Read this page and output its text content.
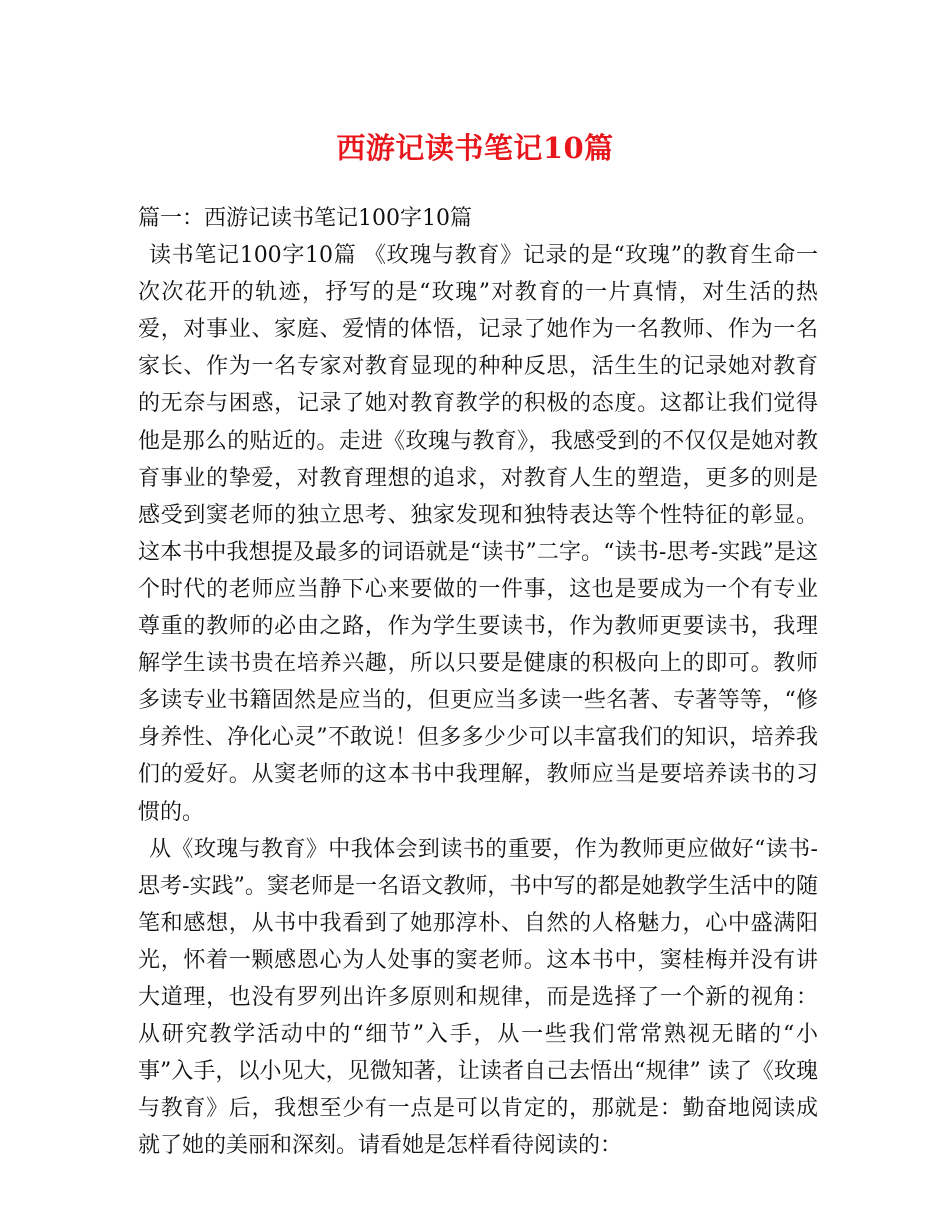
西游记读书笔记10篇

篇一：西游记读书笔记100字10篇

读书笔记100字10篇 《玫瑰与教育》记录的是“玫瑰”的教育生命一次次花开的轨迹，抒写的是“玫瑰”对教育的一片真情，对生活的热爱，对事业、家庭、爱情的体悟，记录了她作为一名教师、作为一名家长、作为一名专家对教育显现的种种反思，活生生的记录她对教育的无奈与困惑，记录了她对教育教学的积极的态度。这都让我们觉得他是那么的贴近的。走进《玫瑰与教育》，我感受到的不仅仅是她对教育事业的挚爱，对教育理想的追求，对教育人生的塑造，更多的则是感受到窦老师的独立思考、独家发现和独特表达等个性特征的彰显。这本书中我想提及最多的词语就是“读书”二字。“读书-思考-实践”是这个时代的老师应当静下心来要做的一件事，这也是要成为一个有专业尊重的教师的必由之路，作为学生要读书，作为教师更要读书，我理解学生读书贵在培养兴趣，所以只要是健康的积极向上的即可。教师多读专业书籍固然是应当的，但更应当多读一些名著、专著等等，“修身养性、净化心灵”不敢说！但多多少少可以丰富我们的知识，培养我们的爱好。从窦老师的这本书中我理解，教师应当是要培养读书的习惯的。

从《玫瑰与教育》中我体会到读书的重要，作为教师更应做好“读书-思考-实践”。窦老师是一名语文教师，书中写的都是她教学生活中的随笔和感想，从书中我看到了她那淳朴、自然的人格魅力，心中盛满阳光，怀着一颗感恩心为人处事的窦老师。这本书中，窦桂梅并没有讲大道理，也没有罗列出许多原则和规律，而是选择了一个新的视角：从研究教学活动中的“细节”入手，从一些我们常常熟视无睹的“小事”入手，以小见大，见微知著，让读者自己去悟出“规律” 读了《玫瑰与教育》后，我想至少有一点是可以肯定的，那就是：勤奋地阅读成就了她的美丽和深刻。请看她是怎样看待阅读的：
